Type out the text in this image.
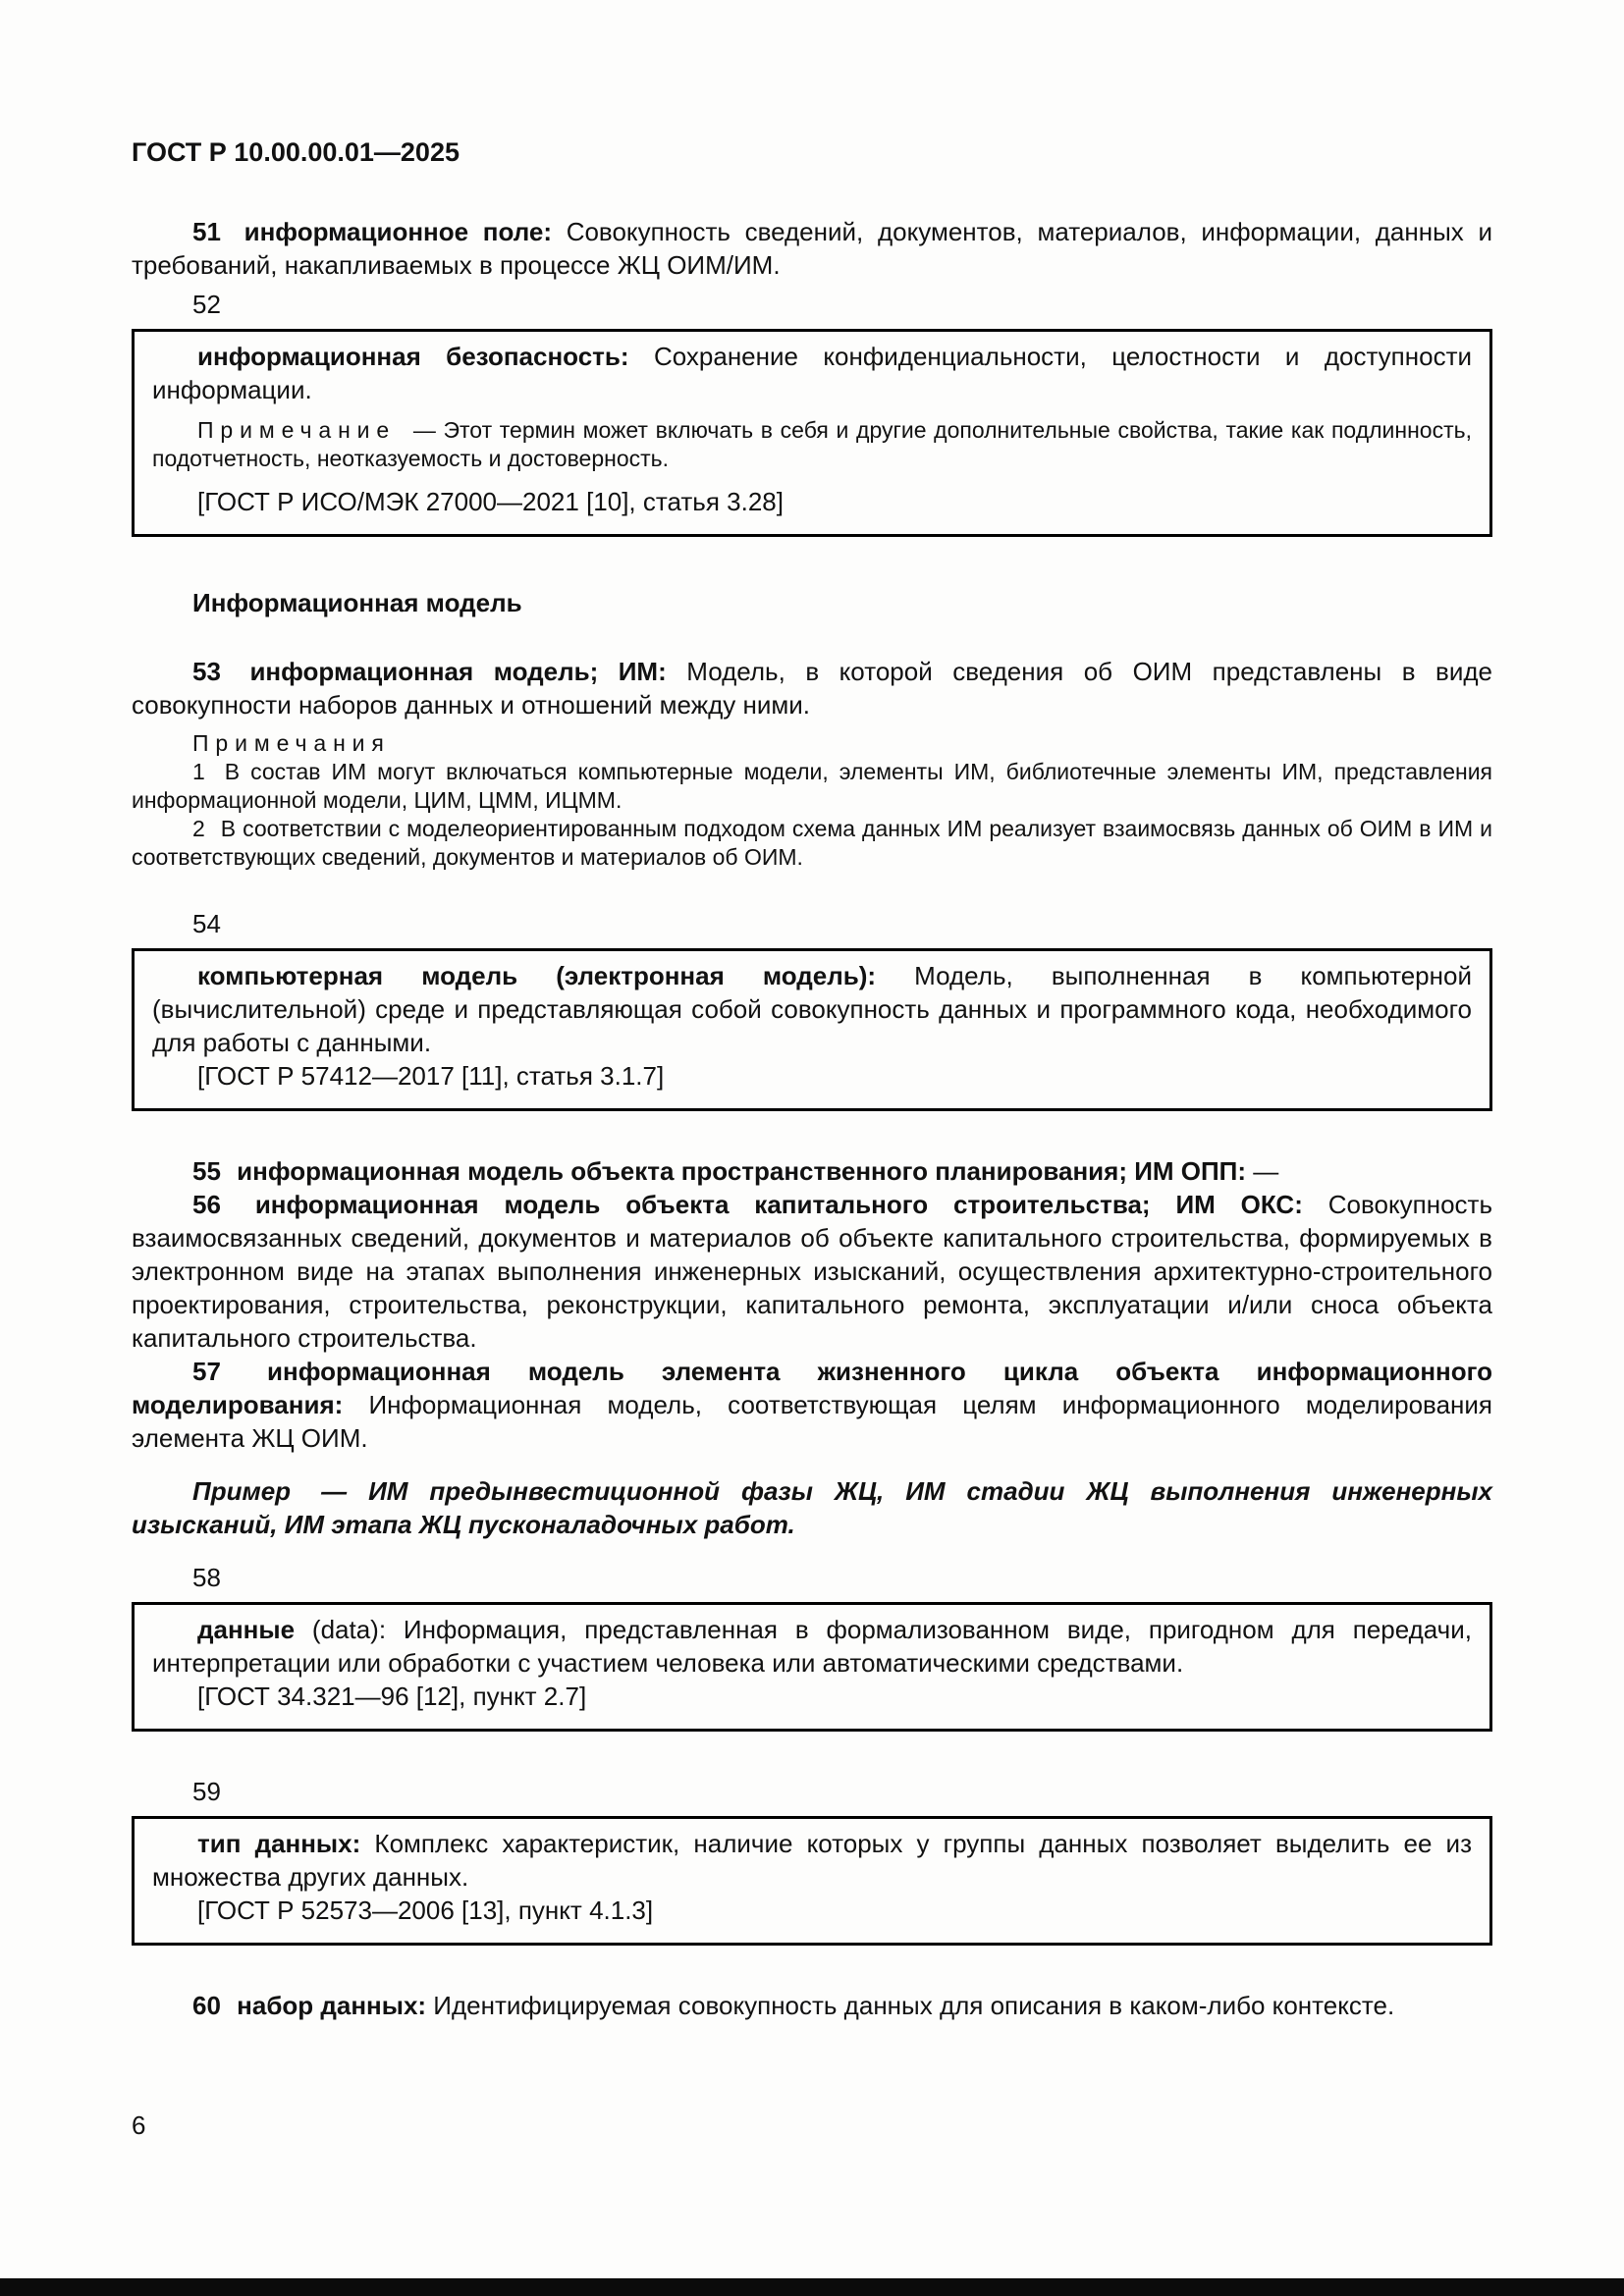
ГОСТ Р 10.00.00.01—2025

51 информационное поле: Совокупность сведений, документов, материалов, информации, данных и требований, накапливаемых в процессе ЖЦ ОИМ/ИМ.

52

информационная безопасность: Сохранение конфиденциальности, целостности и доступности информации.

Примечание — Этот термин может включать в себя и другие дополнительные свойства, такие как подлинность, подотчетность, неотказуемость и достоверность.

[ГОСТ Р ИСО/МЭК 27000—2021 [10], статья 3.28]

Информационная модель

53 информационная модель; ИМ: Модель, в которой сведения об ОИМ представлены в виде совокупности наборов данных и отношений между ними.

Примечания

1 В состав ИМ могут включаться компьютерные модели, элементы ИМ, библиотечные элементы ИМ, представления информационной модели, ЦИМ, ЦММ, ИЦММ.

2 В соответствии с моделеориентированным подходом схема данных ИМ реализует взаимосвязь данных об ОИМ в ИМ и соответствующих сведений, документов и материалов об ОИМ.

54

компьютерная модель (электронная модель): Модель, выполненная в компьютерной (вычислительной) среде и представляющая собой совокупность данных и программного кода, необходимого для работы с данными.

[ГОСТ Р 57412—2017 [11], статья 3.1.7]

55 информационная модель объекта пространственного планирования; ИМ ОПП: —

56 информационная модель объекта капитального строительства; ИМ ОКС: Совокупность взаимосвязанных сведений, документов и материалов об объекте капитального строительства, формируемых в электронном виде на этапах выполнения инженерных изысканий, осуществления архитектурно-строительного проектирования, строительства, реконструкции, капитального ремонта, эксплуатации и/или сноса объекта капитального строительства.

57 информационная модель элемента жизненного цикла объекта информационного моделирования: Информационная модель, соответствующая целям информационного моделирования элемента ЖЦ ОИМ.

Пример — ИМ предынвестиционной фазы ЖЦ, ИМ стадии ЖЦ выполнения инженерных изысканий, ИМ этапа ЖЦ пусконаладочных работ.

58

данные (data): Информация, представленная в формализованном виде, пригодном для передачи, интерпретации или обработки с участием человека или автоматическими средствами.

[ГОСТ 34.321—96 [12], пункт 2.7]

59

тип данных: Комплекс характеристик, наличие которых у группы данных позволяет выделить ее из множества других данных.

[ГОСТ Р 52573—2006 [13], пункт 4.1.3]

60 набор данных: Идентифицируемая совокупность данных для описания в каком-либо контексте.

6
